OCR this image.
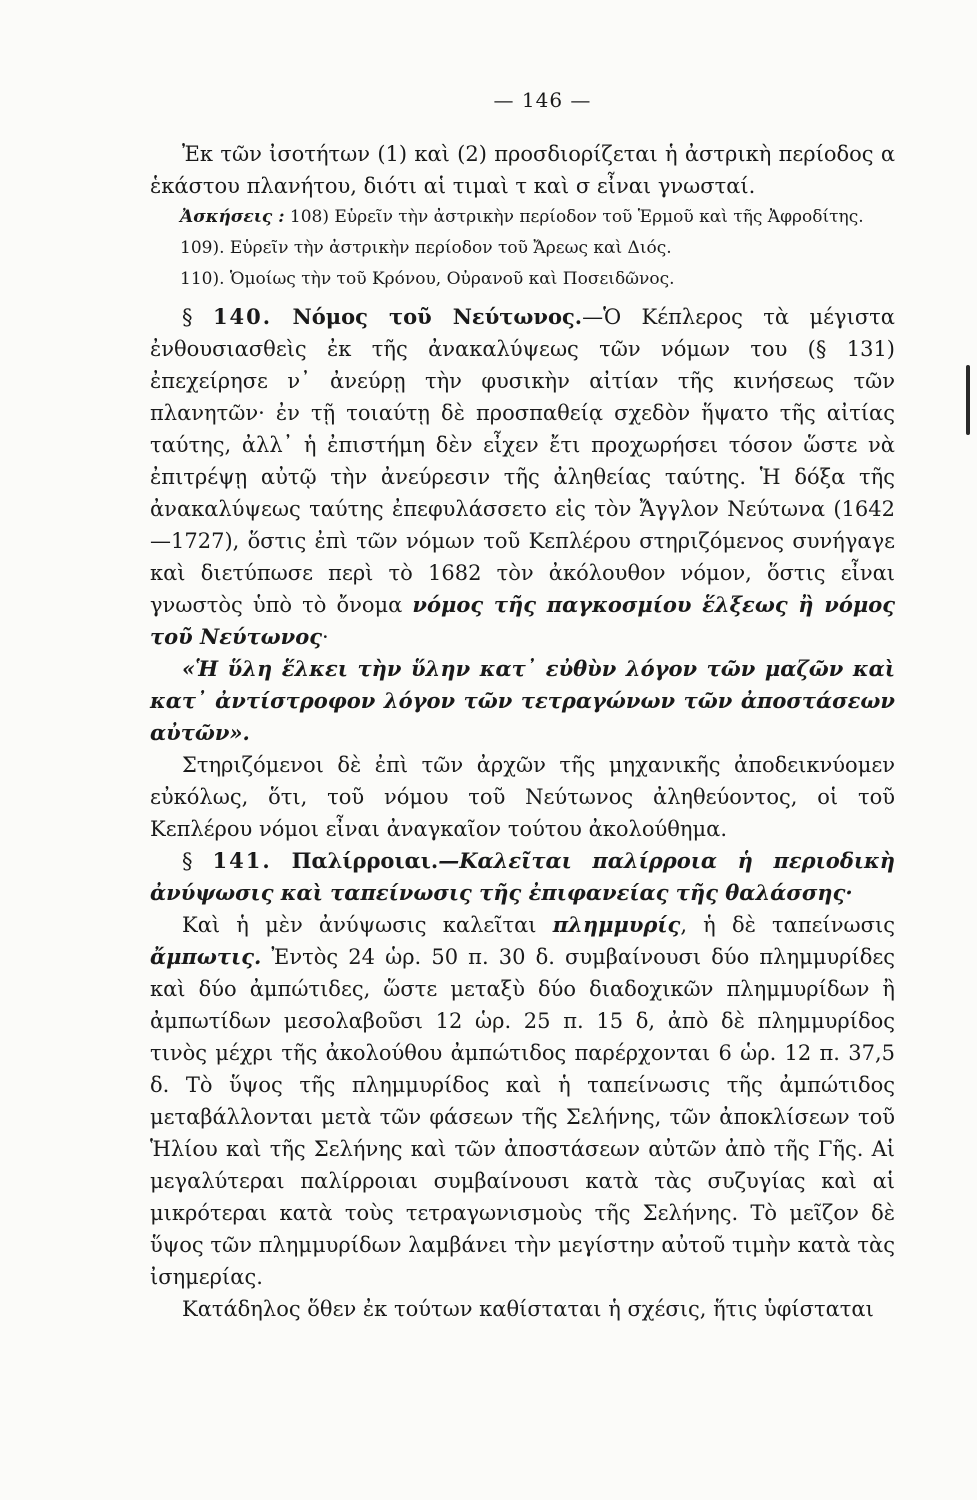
— 146 —

Ἐκ τῶν ἰσοτήτων (1) καὶ (2) προσδιορίζεται ἡ ἀστρικὴ περίοδος α ἑκάστου πλανήτου, διότι αἱ τιμαὶ τ καὶ σ εἶναι γνωσταί.

Ἀσκήσεις : 108) Εὑρεῖν τὴν ἀστρικὴν περίοδον τοῦ Ἑρμοῦ καὶ τῆς Ἀφροδίτης.

109). Εὑρεῖν τὴν ἀστρικὴν περίοδον τοῦ Ἄρεως καὶ Διός.

110). Ὁμοίως τὴν τοῦ Κρόνου, Οὐρανοῦ καὶ Ποσειδῶνος.

§ 140. Νόμος τοῦ Νεύτωνος.—Ὁ Κέπλερος τὰ μέγιστα ἐνθουσιασθεὶς ἐκ τῆς ἀνακαλύψεως τῶν νόμων του (§ 131) ἐπεχείρησε ν᾿ ἀνεύρῃ τὴν φυσικὴν αἰτίαν τῆς κινήσεως τῶν πλανητῶν· ἐν τῇ τοιαύτῃ δὲ προσπαθείᾳ σχεδὸν ἥψατο τῆς αἰτίας ταύτης, ἀλλ᾿ ἡ ἐπιστήμη δὲν εἶχεν ἔτι προχωρήσει τόσον ὥστε νὰ ἐπιτρέψῃ αὐτῷ τὴν ἀνεύρεσιν τῆς ἀληθείας ταύτης. Ἡ δόξα τῆς ἀνακαλύψεως ταύτης ἐπεφυλάσσετο εἰς τὸν Ἄγγλον Νεύτωνα (1642—1727), ὅστις ἐπὶ τῶν νόμων τοῦ Κεπλέρου στηριζόμενος συνήγαγε καὶ διετύπωσε περὶ τὸ 1682 τὸν ἀκόλουθον νόμον, ὅστις εἶναι γνωστὸς ὑπὸ τὸ ὄνομα νόμος τῆς παγκοσμίου ἕλξεως ἢ νόμος τοῦ Νεύτωνος·

«Ἡ ὕλη ἕλκει τὴν ὕλην κατ᾿ εὐθὺν λόγον τῶν μαζῶν καὶ κατ᾿ ἀντίστροφον λόγον τῶν τετραγώνων τῶν ἀποστάσεων αὐτῶν».

Στηριζόμενοι δὲ ἐπὶ τῶν ἀρχῶν τῆς μηχανικῆς ἀποδεικνύομεν εὐκόλως, ὅτι, τοῦ νόμου τοῦ Νεύτωνος ἀληθεύοντος, οἱ τοῦ Κεπλέρου νόμοι εἶναι ἀναγκαῖον τούτου ἀκολούθημα.

§ 141. Παλίρροιαι.—Καλεῖται παλίρροια ἡ περιοδικὴ ἀνύψωσις καὶ ταπείνωσις τῆς ἐπιφανείας τῆς θαλάσσης·

Καὶ ἡ μὲν ἀνύψωσις καλεῖται πλημμυρίς, ἡ δὲ ταπείνωσις ἄμπωτις. Ἐντὸς 24 ὡρ. 50 π. 30 δ. συμβαίνουσι δύο πλημμυρίδες καὶ δύο ἀμπώτιδες, ὥστε μεταξὺ δύο διαδοχικῶν πλημμυρίδων ἢ ἀμπωτίδων μεσολαβοῦσι 12 ὡρ. 25 π. 15 δ, ἀπὸ δὲ πλημμυρίδος τινὸς μέχρι τῆς ἀκολούθου ἀμπώτιδος παρέρχονται 6 ὡρ. 12 π. 37,5 δ. Τὸ ὕψος τῆς πλημμυρίδος καὶ ἡ ταπείνωσις τῆς ἀμπώτιδος μεταβάλλονται μετὰ τῶν φάσεων τῆς Σελήνης, τῶν ἀποκλίσεων τοῦ Ἡλίου καὶ τῆς Σελήνης καὶ τῶν ἀποστάσεων αὐτῶν ἀπὸ τῆς Γῆς. Αἱ μεγαλύτεραι παλίρροιαι συμβαίνουσι κατὰ τὰς συζυγίας καὶ αἱ μικρότεραι κατὰ τοὺς τετραγωνισμοὺς τῆς Σελήνης. Τὸ μεῖζον δὲ ὕψος τῶν πλημμυρίδων λαμβάνει τὴν μεγίστην αὐτοῦ τιμὴν κατὰ τὰς ἰσημερίας.

Κατάδηλος ὅθεν ἐκ τούτων καθίσταται ἡ σχέσις, ἥτις ὑφίσταται
